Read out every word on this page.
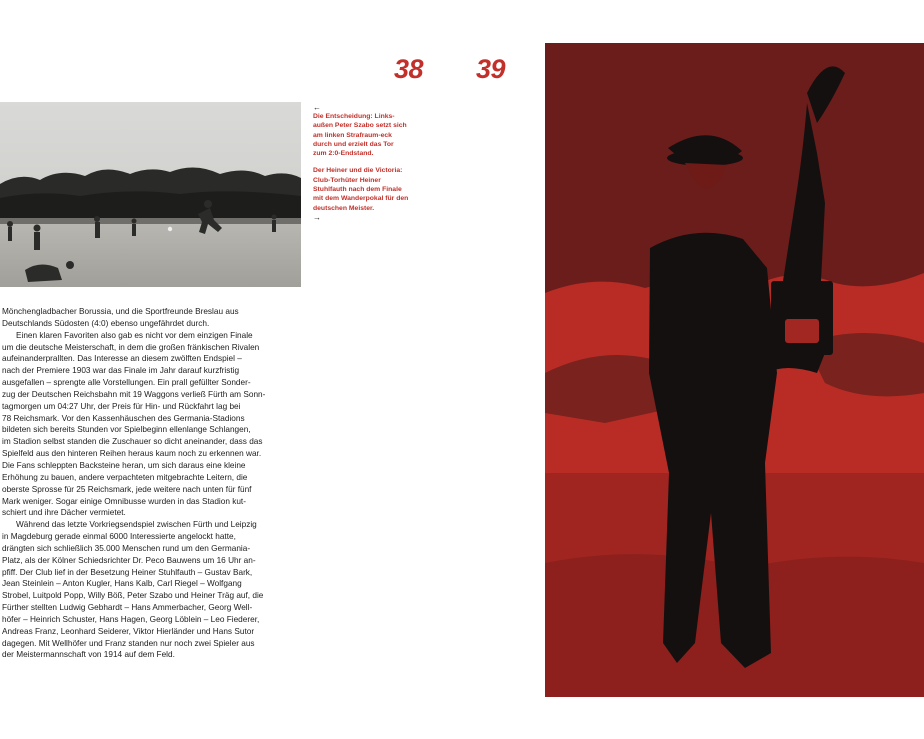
38 39
←

Die Entscheidung: Links-außen Peter Szabo setzt sich am linken Strafraum-eck durch und erzielt das Tor zum 2:0-Endstand.

Der Heiner und die Victoria: Club-Torhüter Heiner Stuhlfauth nach dem Finale mit dem Wanderpokal für den deutschen Meister.

→

Mönchengladbacher Borussia, und die Sportfreunde Breslau aus
Deutschlands Südosten (4:0) ebenso ungefährdet durch.

Einen klaren Favoriten also gab es nicht vor dem einzigen Finale
um die deutsche Meisterschaft, in dem die großen fränkischen Rivalen
aufeinanderprallten. Das Interesse an diesem zwölften Endspiel –
nach der Premiere 1903 war das Finale im Jahr darauf kurzfristig
ausgefallen – sprengte alle Vorstellungen. Ein prall gefüllter Sonder-
zug der Deutschen Reichsbahn mit 19 Waggons verließ Fürth am Sonn-
tagmorgen um 04:27 Uhr, der Preis für Hin- und Rückfahrt lag bei
78 Reichsmark. Vor den Kassenhäuschen des Germania-Stadions
bildeten sich bereits Stunden vor Spielbeginn ellenlange Schlangen,
im Stadion selbst standen die Zuschauer so dicht aneinander, dass das
Spielfeld aus den hinteren Reihen heraus kaum noch zu erkennen war.
Die Fans schleppten Backsteine heran, um sich daraus eine kleine
Erhöhung zu bauen, andere verpachteten mitgebrachte Leitern, die
oberste Sprosse für 25 Reichsmark, jede weitere nach unten für fünf
Mark weniger. Sogar einige Omnibusse wurden in das Stadion kut-
schiert und ihre Dächer vermietet.

Während das letzte Vorkriegsendspiel zwischen Fürth und Leipzig
in Magdeburg gerade einmal 6000 Interessierte angelockt hatte,
drängten sich schließlich 35.000 Menschen rund um den Germania-
Platz, als der Kölner Schiedsrichter Dr. Peco Bauwens um 16 Uhr an-
pfiff. Der Club lief in der Besetzung Heiner Stuhlfauth – Gustav Bark,
Jean Steinlein – Anton Kugler, Hans Kalb, Carl Riegel – Wolfgang
Strobel, Luitpold Popp, Willy Böß, Peter Szabo und Heiner Träg auf, die
Fürther stellten Ludwig Gebhardt – Hans Ammerbacher, Georg Well-
höfer – Heinrich Schuster, Hans Hagen, Georg Löblein – Leo Fiederer,
Andreas Franz, Leonhard Seiderer, Viktor Hierländer und Hans Sutor
dagegen. Mit Wellhöfer und Franz standen nur noch zwei Spieler aus
der Meistermannschaft von 1914 auf dem Feld.
